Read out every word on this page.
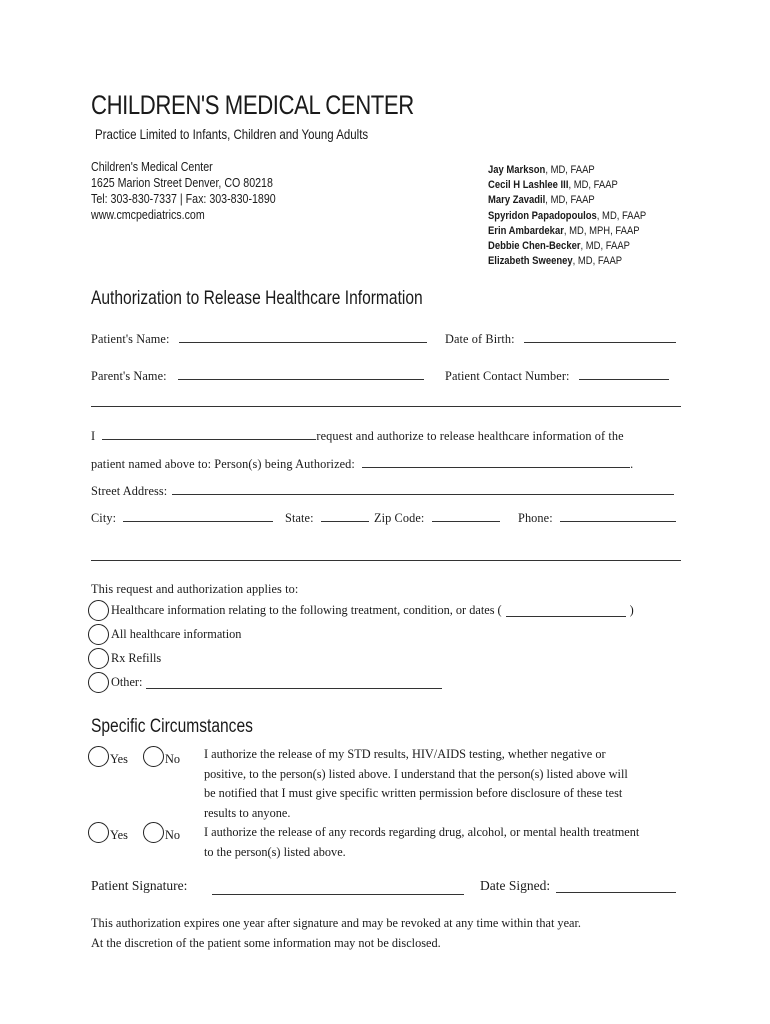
CHILDREN'S MEDICAL CENTER
Practice Limited to Infants, Children and Young Adults
Children's Medical Center
1625 Marion Street Denver, CO 80218
Tel: 303-830-7337 | Fax: 303-830-1890
www.cmcpediatrics.com
Jay Markson, MD, FAAP
Cecil H Lashlee III, MD, FAAP
Mary Zavadil, MD, FAAP
Spyridon Papadopoulos, MD, FAAP
Erin Ambardekar, MD, MPH, FAAP
Debbie Chen-Becker, MD, FAAP
Elizabeth Sweeney, MD, FAAP
Authorization to Release Healthcare Information
Patient's Name:	Date of Birth:
Parent's Name:	Patient Contact Number:
I	request and authorize to release healthcare information of the
patient named above to: Person(s) being Authorized:	.
Street Address:
City:	State:	Zip Code:	Phone:
This request and authorization applies to:
Healthcare information relating to the following treatment, condition, or dates (	)
All healthcare information
Rx Refills
Other:
Specific Circumstances
Yes	No I authorize the release of my STD results, HIV/AIDS testing, whether negative or
positive, to the person(s) listed above. I understand that the person(s) listed above will
be notified that I must give specific written permission before disclosure of these test
results to anyone.
Yes	No I authorize the release of any records regarding drug, alcohol, or mental health treatment
to the person(s) listed above.
Patient Signature:	Date Signed:
This authorization expires one year after signature and may be revoked at any time within that year.
At the discretion of the patient some information may not be disclosed.
